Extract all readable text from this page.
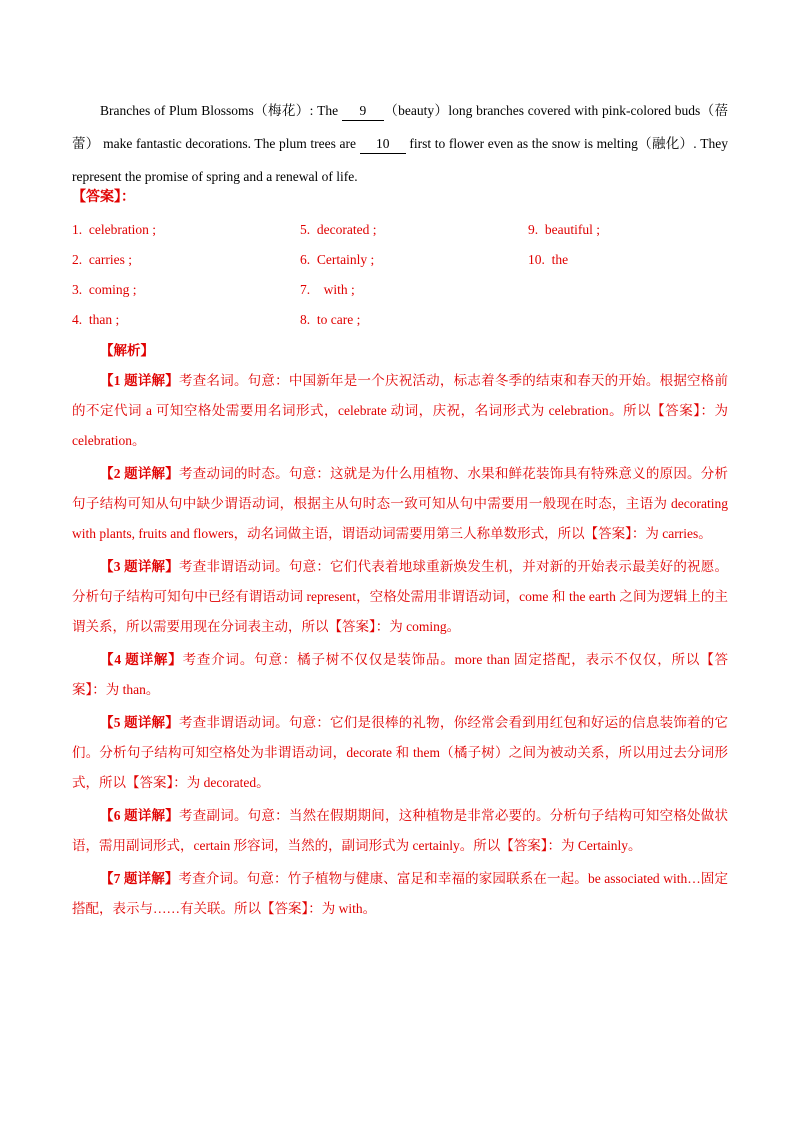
Branches of Plum Blossoms（梅花）: The 9 （beauty）long branches covered with pink-colored buds（蓓蕾） make fantastic decorations. The plum trees are 10 first to flower even as the snow is melting（融化）. They represent the promise of spring and a renewal of life.
【答案】：
1.  celebration ;	5.  decorated ;	9.  beautiful ;
2.  carries ;	6.  Certainly ;	10.  the
3.  coming ;	7.    with ;
4.  than ;	8.  to care ;

【解析】

【1 题详解】考查名词。句意：中国新年是一个庆祝活动，标志着冬季的结束和春天的开始。根据空格前的不定代词 a 可知空格处需要用名词形式，celebrate 动词，庆祝，名词形式为 celebration。所以【答案】：为 celebration。

【2 题详解】考查动词的时态。句意：这就是为什么用植物、水果和鲜花装饰具有特殊意义的原因。分析句子结构可知从句中缺少谓语动词，根据主从句时态一致可知从句中需要用一般现在时态，主语为 decorating with plants, fruits and flowers，动名词做主语，谓语动词需要用第三人称单数形式，所以【答案】：为 carries。

【3 题详解】考查非谓语动词。句意：它们代表着地球重新焕发生机，并对新的开始表示最美好的祝愿。分析句子结构可知句中已经有谓语动词 represent，空格处需用非谓语动词，come 和 the earth 之间为逻辑上的主谓关系，所以需要用现在分词表主动，所以【答案】：为 coming。

【4 题详解】考查介词。句意：橘子树不仅仅是装饰品。more than 固定搭配，表示不仅仅，所以【答案】：为 than。

【5 题详解】考查非谓语动词。句意：它们是很棒的礼物，你经常会看到用红包和好运的信息装饰着的它们。分析句子结构可知空格处为非谓语动词，decorate 和 them（橘子树）之间为被动关系，所以用过去分词形式，所以【答案】：为 decorated。

【6 题详解】考查副词。句意：当然在假期期间，这种植物是非常必要的。分析句子结构可知空格处做状语，需用副词形式，certain 形容词，当然的，副词形式为 certainly。所以【答案】：为 Certainly。

【7 题详解】考查介词。句意：竹子植物与健康、富足和幸福的家园联系在一起。be associated with…固定搭配，表示与……有关联。所以【答案】：为 with。
